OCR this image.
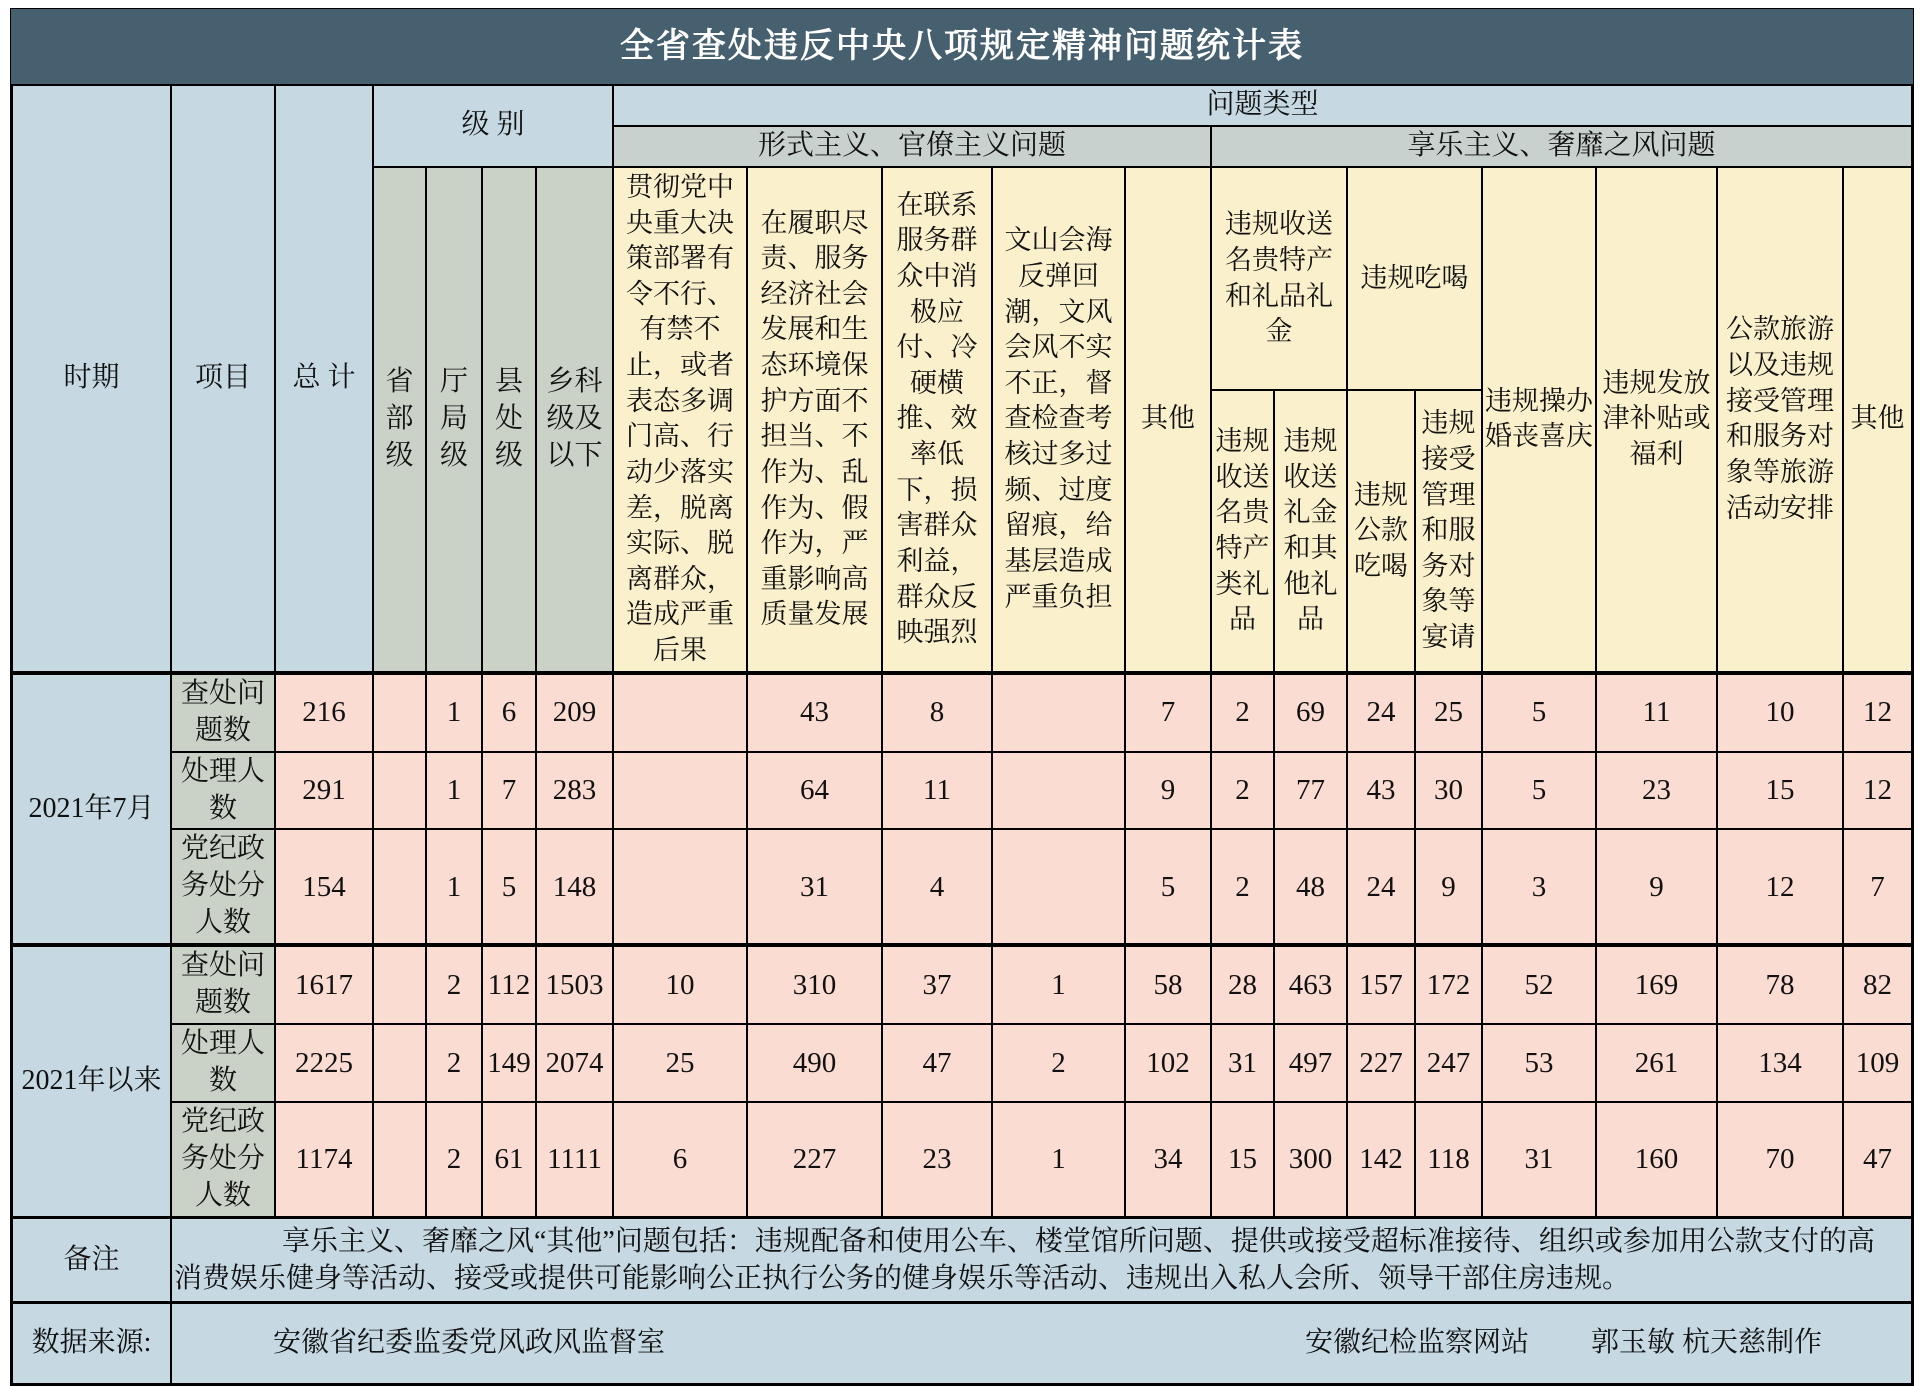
全省查处违反中央八项规定精神问题统计表
时期	项目	总 计	级 别				问题类型												
							形式主义、官僚主义问题					享乐主义、奢靡之风问题							
			省部级	厅局级	县处级	乡科级及以下	贯彻党中央重大决策部署有令不行、有禁不止，或者表态多调门高、行动少落实差，脱离实际、脱离群众，造成严重后果	在履职尽责、服务经济社会发展和生态环境保护方面不担当、不作为、乱作为、假作为，严重影响高质量发展	在联系服务群众中消极应付、冷硬横推、效率低下，损害群众利益，群众反映强烈	文山会海反弹回潮，文风会风不实不正，督查检查考核过多过频、过度留痕，给基层造成严重负担	其他	违规收送名贵特产和礼品礼金		违规吃喝		违规操办婚丧喜庆	违规发放津补贴或福利	公款旅游以及违规接受管理和服务对象等旅游活动安排	其他
												违规收送名贵特产类礼品	违规收送礼金和其他礼品	违规公款吃喝	违规接受管理和服务对象等宴请				
2021年7月	查处问题数	216		1	6	209		43	8		7	2	69	24	25	5	11	10	12
	处理人数	291		1	7	283		64	11		9	2	77	43	30	5	23	15	12
	党纪政务处分人数	154		1	5	148		31	4		5	2	48	24	9	3	9	12	7
2021年以来	查处问题数	1617		2	112	1503	10	310	37	1	58	28	463	157	172	52	169	78	82
	处理人数	2225		2	149	2074	25	490	47	2	102	31	497	227	247	53	261	134	109
	党纪政务处分人数	1174		2	61	1111	6	227	23	1	34	15	300	142	118	31	160	70	47
备注	享乐主义、奢靡之风“其他”问题包括：违规配备和使用公车、楼堂馆所问题、提供或接受超标准接待、组织或参加用公款支付的高消费娱乐健身等活动、接受或提供可能影响公正执行公务的健身娱乐等活动、违规出入私人会所、领导干部住房违规。																		

数据来源:	安徽省纪委监委党风政风监督室 安徽纪检监察网站 郭玉敏 杭天慈制作																		
